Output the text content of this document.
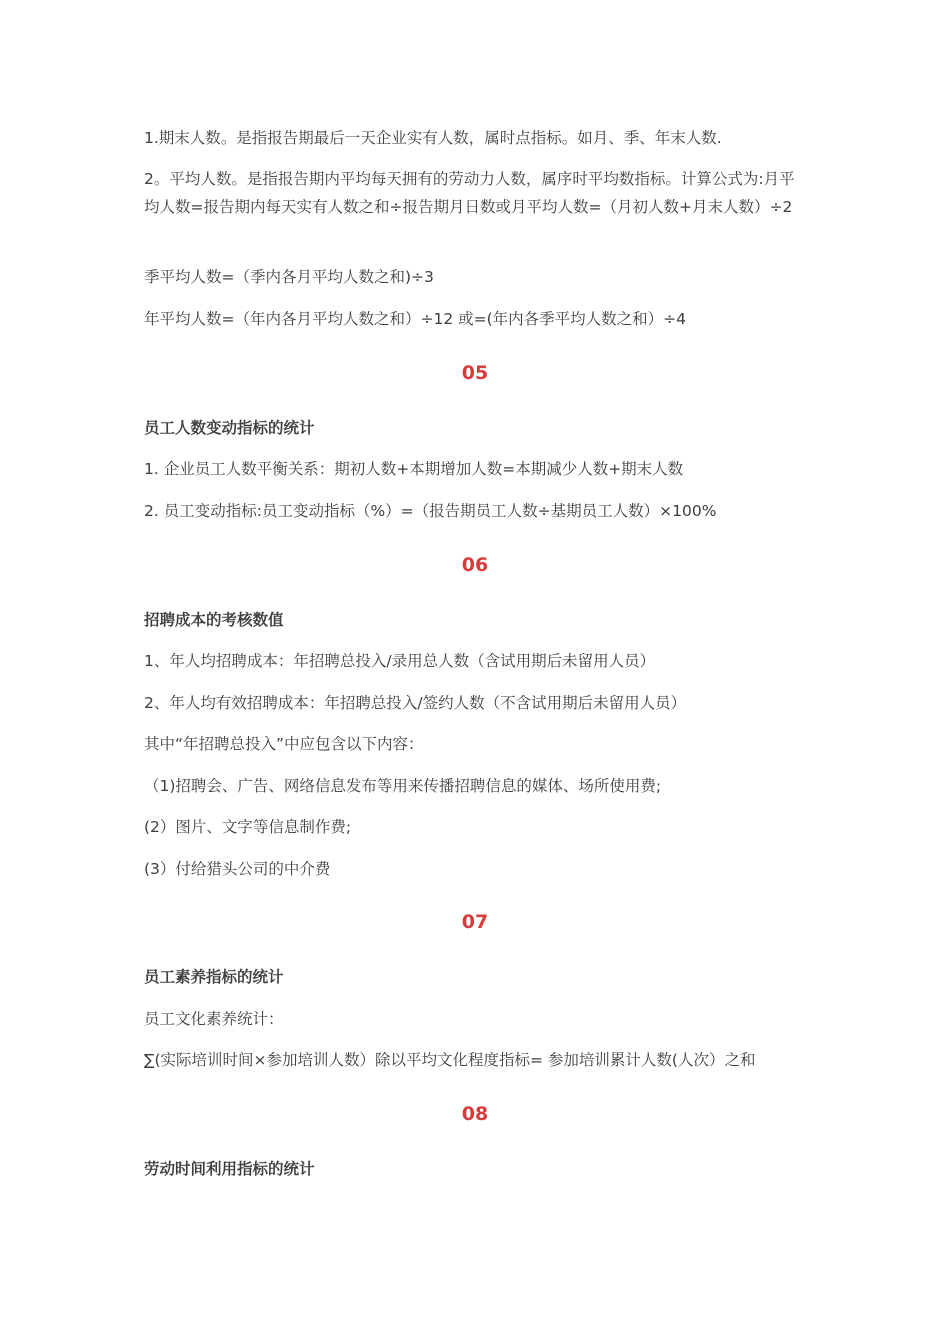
1.期末人数。是指报告期最后一天企业实有人数，属时点指标。如月、季、年末人数.

2。平均人数。是指报告期内平均每天拥有的劳动力人数，属序时平均数指标。计算公式为:月平均人数=报告期内每天实有人数之和÷报告期月日数或月平均人数=（月初人数+月末人数）÷2

季平均人数=（季内各月平均人数之和)÷3

年平均人数=（年内各月平均人数之和）÷12 或=(年内各季平均人数之和）÷4

05
员工人数变动指标的统计

1. 企业员工人数平衡关系：期初人数+本期增加人数=本期减少人数+期末人数

2. 员工变动指标:员工变动指标（%）=（报告期员工人数÷基期员工人数）×100%

06
招聘成本的考核数值

1、年人均招聘成本：年招聘总投入/录用总人数（含试用期后未留用人员）

2、年人均有效招聘成本：年招聘总投入/签约人数（不含试用期后未留用人员）

其中“年招聘总投入”中应包含以下内容：

（1)招聘会、广告、网络信息发布等用来传播招聘信息的媒体、场所使用费;

(2）图片、文字等信息制作费;

(3）付给猎头公司的中介费

07
员工素养指标的统计

员工文化素养统计：

∑(实际培训时间×参加培训人数）除以平均文化程度指标= 参加培训累计人数(人次）之和

08
劳动时间利用指标的统计
